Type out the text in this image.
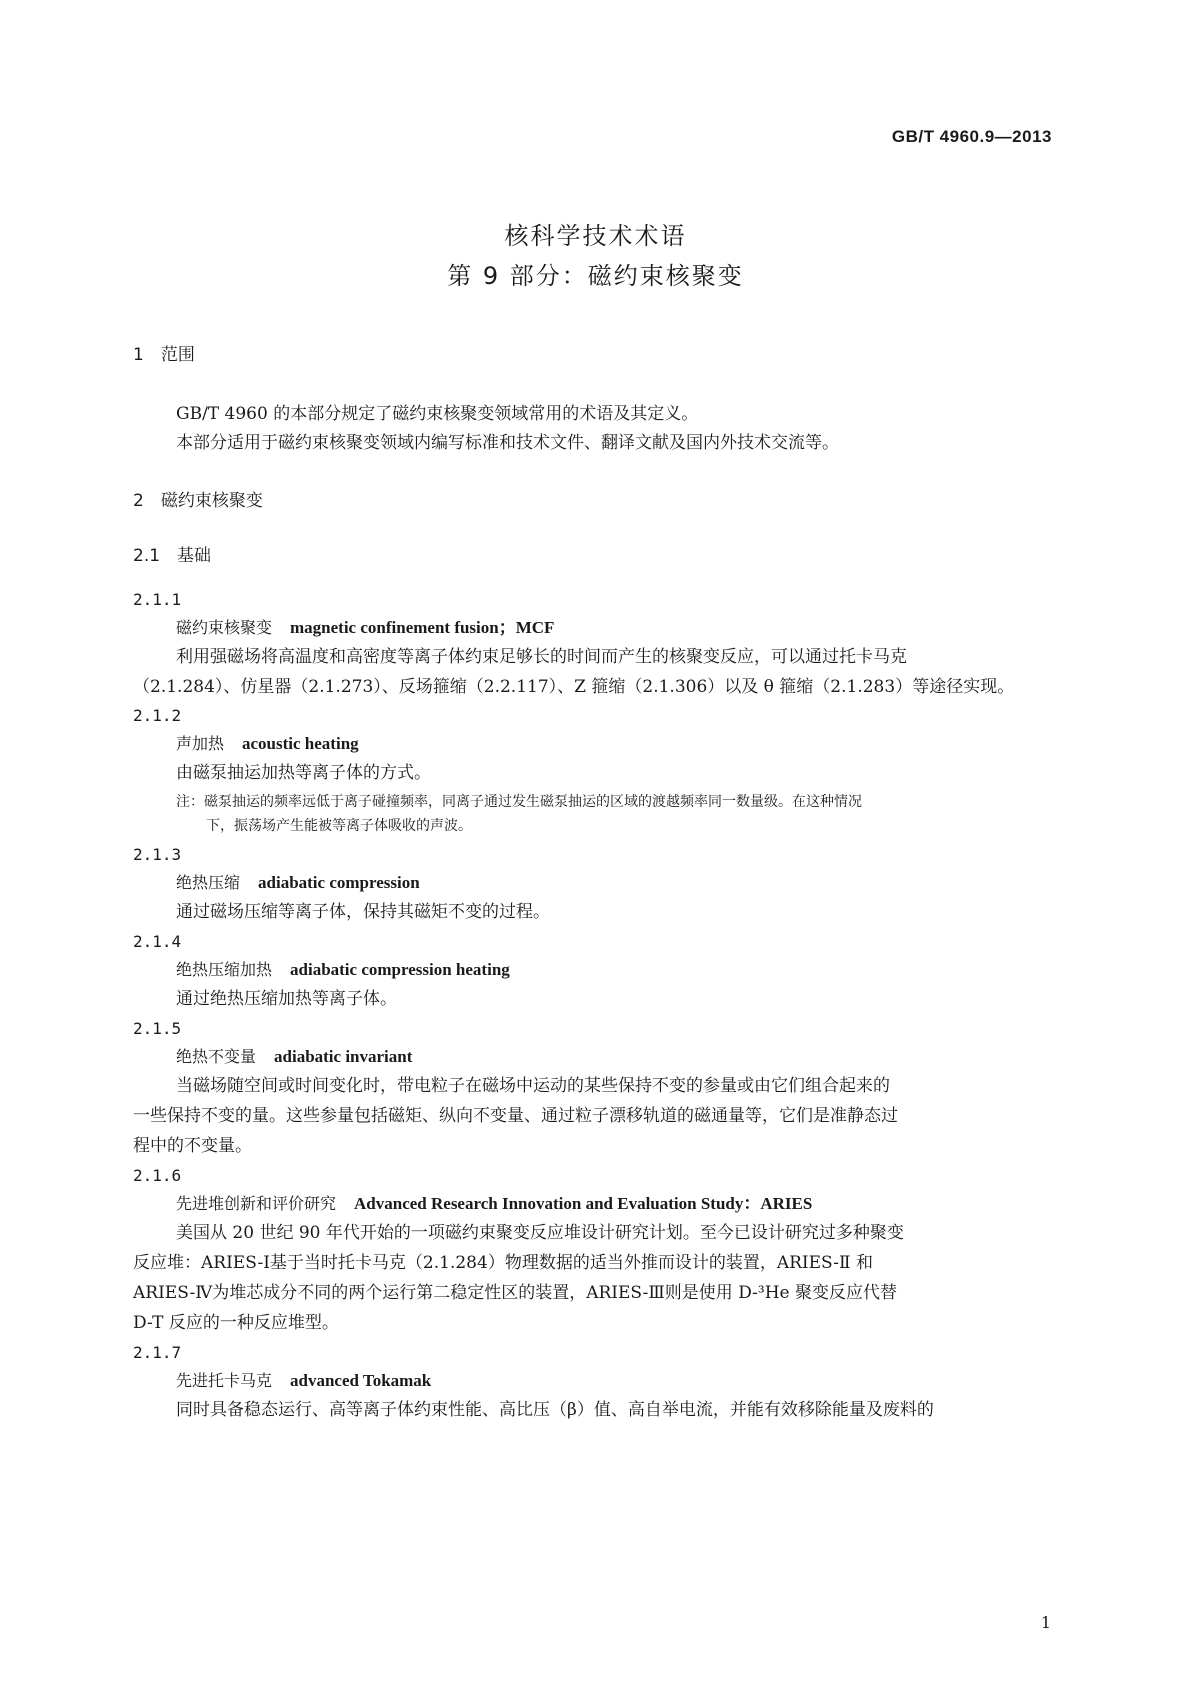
GB/T 4960.9—2013
核科学技术术语
第 9 部分：磁约束核聚变
1　范围
GB/T 4960 的本部分规定了磁约束核聚变领域常用的术语及其定义。
本部分适用于磁约束核聚变领域内编写标准和技术文件、翻译文献及国内外技术交流等。
2　磁约束核聚变
2.1　基础
2.1.1
磁约束核聚变 magnetic confinement fusion；MCF
利用强磁场将高温度和高密度等离子体约束足够长的时间而产生的核聚变反应，可以通过托卡马克
（2.1.284）、仿星器（2.1.273）、反场箍缩（2.2.117）、Z 箍缩（2.1.306）以及 θ 箍缩（2.1.283）等途径实现。
2.1.2
声加热 acoustic heating
由磁泵抽运加热等离子体的方式。
注：磁泵抽运的频率远低于离子碰撞频率，同离子通过发生磁泵抽运的区域的渡越频率同一数量级。在这种情况
下，振荡场产生能被等离子体吸收的声波。
2.1.3
绝热压缩 adiabatic compression
通过磁场压缩等离子体，保持其磁矩不变的过程。
2.1.4
绝热压缩加热 adiabatic compression heating
通过绝热压缩加热等离子体。
2.1.5
绝热不变量 adiabatic invariant
当磁场随空间或时间变化时，带电粒子在磁场中运动的某些保持不变的参量或由它们组合起来的
一些保持不变的量。这些参量包括磁矩、纵向不变量、通过粒子漂移轨道的磁通量等，它们是准静态过
程中的不变量。
2.1.6
先进堆创新和评价研究 Advanced Research Innovation and Evaluation Study：ARIES
美国从 20 世纪 90 年代开始的一项磁约束聚变反应堆设计研究计划。至今已设计研究过多种聚变
反应堆：ARIES-Ⅰ基于当时托卡马克（2.1.284）物理数据的适当外推而设计的装置，ARIES-Ⅱ 和
ARIES-Ⅳ为堆芯成分不同的两个运行第二稳定性区的装置，ARIES-Ⅲ则是使用 D-³He 聚变反应代替
D-T 反应的一种反应堆型。
2.1.7
先进托卡马克 advanced Tokamak
同时具备稳态运行、高等离子体约束性能、高比压（β）值、高自举电流，并能有效移除能量及废料的
1
